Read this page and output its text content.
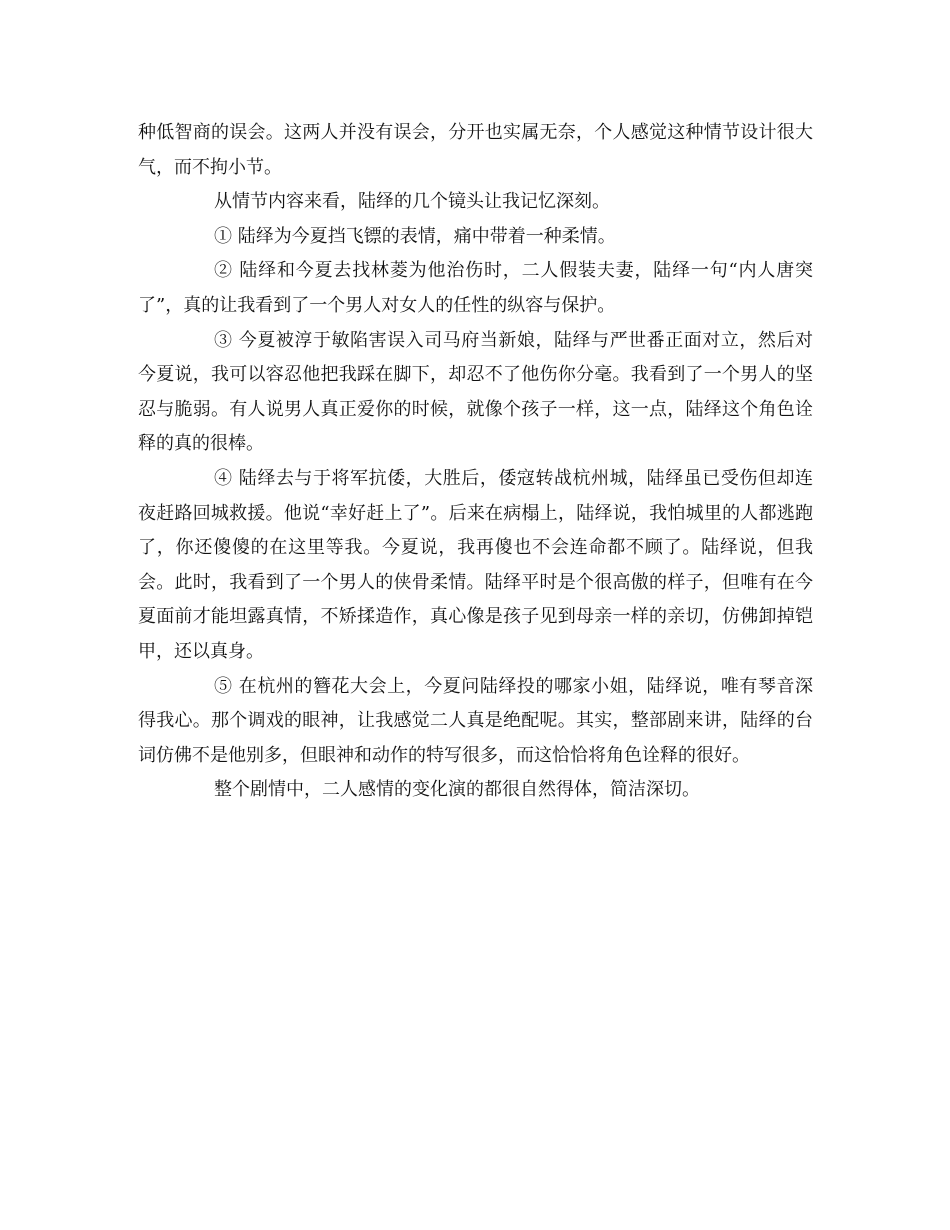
种低智商的误会。这两人并没有误会，分开也实属无奈，个人感觉这种情节设计很大气，而不拘小节。

从情节内容来看，陆绎的几个镜头让我记忆深刻。

① 陆绎为今夏挡飞镖的表情，痛中带着一种柔情。

② 陆绎和今夏去找林菱为他治伤时，二人假装夫妻，陆绎一句“内人唐突了”，真的让我看到了一个男人对女人的任性的纵容与保护。

③ 今夏被淳于敏陷害误入司马府当新娘，陆绎与严世番正面对立，然后对今夏说，我可以容忍他把我踩在脚下，却忍不了他伤你分毫。我看到了一个男人的坚忍与脆弱。有人说男人真正爱你的时候，就像个孩子一样，这一点，陆绎这个角色诠释的真的很棒。

④ 陆绎去与于将军抗倭，大胜后，倭寇转战杭州城，陆绎虽已受伤但却连夜赶路回城救援。他说“幸好赶上了”。后来在病榻上，陆绎说，我怕城里的人都逃跑了，你还傻傻的在这里等我。今夏说，我再傻也不会连命都不顾了。陆绎说，但我会。此时，我看到了一个男人的侠骨柔情。陆绎平时是个很高傲的样子，但唯有在今夏面前才能坦露真情，不矫揉造作，真心像是孩子见到母亲一样的亲切，仿佛卸掉铠甲，还以真身。

⑤ 在杭州的簪花大会上，今夏问陆绎投的哪家小姐，陆绎说，唯有琴音深得我心。那个调戏的眼神，让我感觉二人真是绝配呢。其实，整部剧来讲，陆绎的台词仿佛不是他别多，但眼神和动作的特写很多，而这恰恰将角色诠释的很好。

整个剧情中，二人感情的变化演的都很自然得体，简洁深切。
